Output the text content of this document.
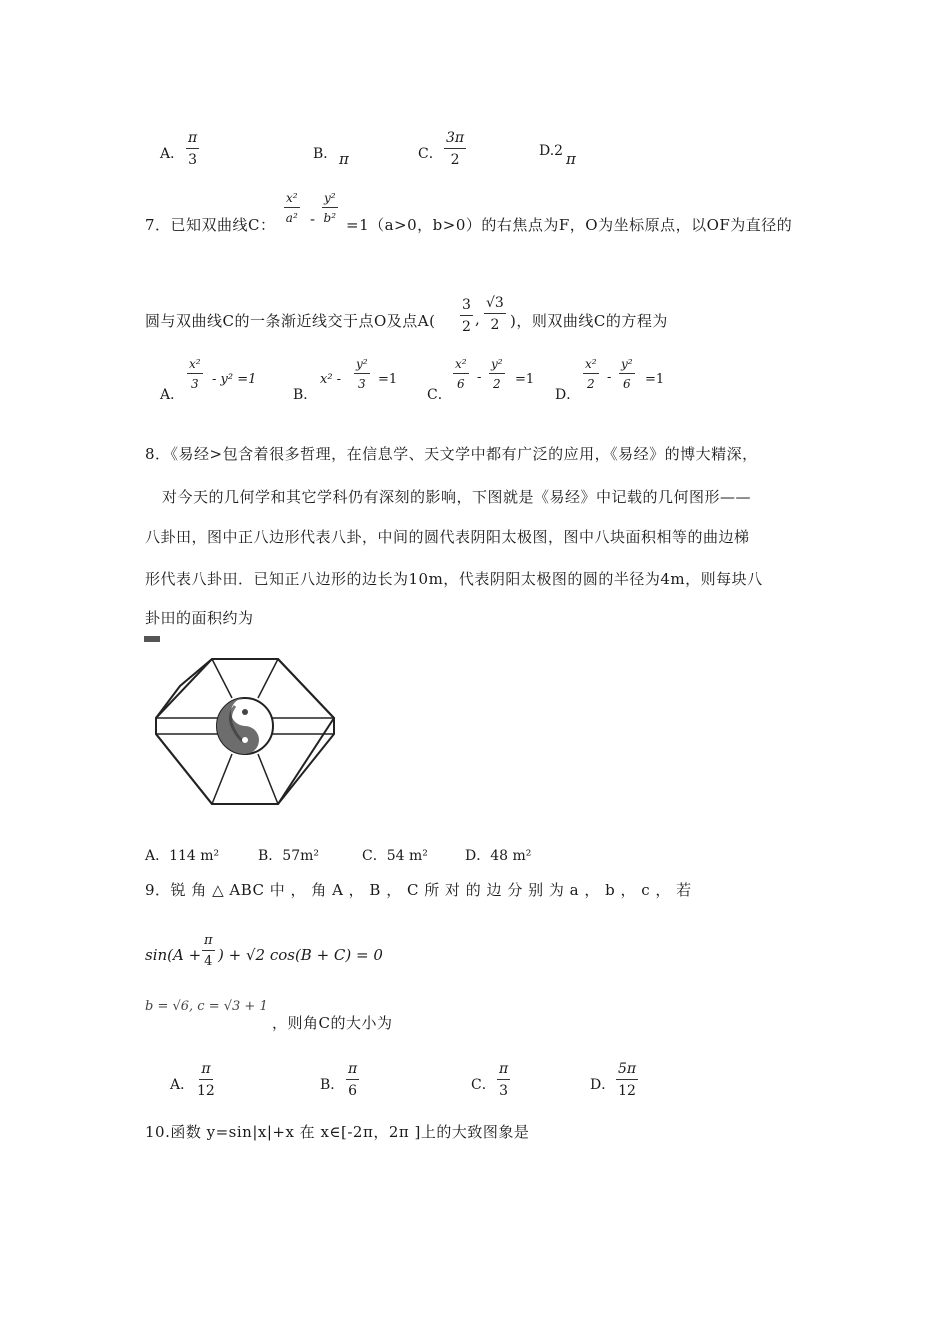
A． $\frac{\pi}{3}$	B． π	C． $\frac{3\pi}{2}$	D.2 π
7．已知双曲线C：
$\frac{\text{x²}}{\text{a²}} - \frac{\text{y²}}{\text{b²}}$
=1（a>0，b>0）的右焦点为F，O为坐标原点，以OF为直径的
圆与双曲线C的一条渐近线交于点O及点$A( \frac{3}{2}$ , $\frac{√3}{2}$ )，则双曲线C的方程为
A．
$\frac{\text{x²}}{3} - y^2 =1$
B．
$x^2 - \frac{\text{y²}}{3} =1$
C．
$\frac{\text{x²}}{6} - \frac{\text{y²}}{2} =1$
D．
$\frac{\text{x²}}{2} - \frac{\text{y²}}{6} =1$
8．《易经>包含着很多哲理，在信息学、天文学中都有广泛的应用，《易经》的博大精深，
对今天的几何学和其它学科仍有深刻的影响，下图就是《易经》中记载的几何图形——
八卦田，图中正八边形代表八卦，中间的圆代表阴阳太极图，图中八块面积相等的曲边梯
形代表八卦田．已知正八边形的边长为10m，代表阴阳太极图的圆的半径为4m，则每块八
卦田的面积约为
A．114 m²	B．57m²	C．54 m²	D．48 m²
9．锐 角 △ ABC 中 ， 角 A ， B ， C 所 对 的 边 分 别 为 a ， b ， c ， 若
$\sin(A + \frac{\pi}{4}$ ) + √2 cos(B + C) = 0
b = √6, c = √3 + 1
，则角C的大小为
A． $\frac{\pi}{12}$	B． $\frac{\pi}{6}$	C． $\frac{\pi}{3}$	D． $\frac{5\pi}{12}$
10.函数 y=sin|x|+x 在 x∈[-2π，2π ]上的大致图象是
